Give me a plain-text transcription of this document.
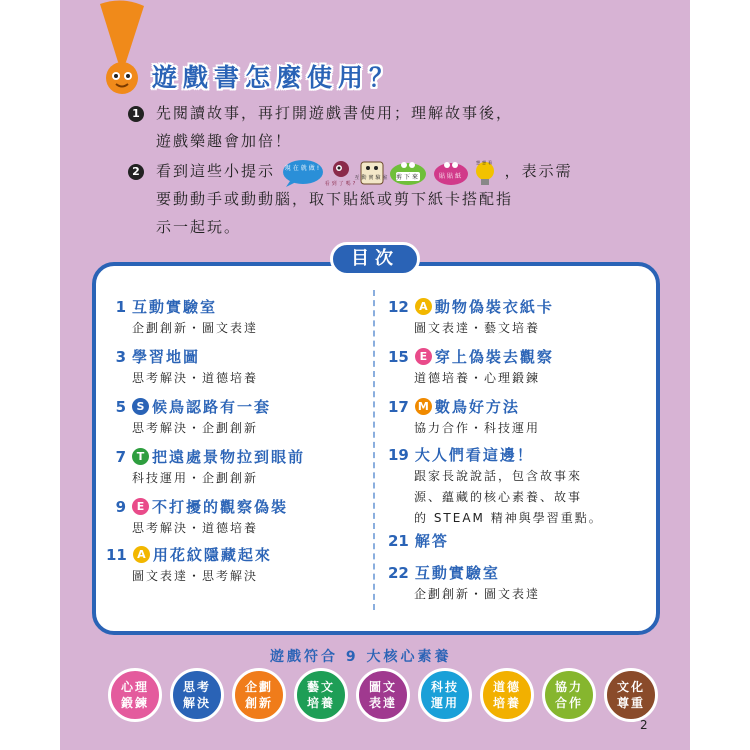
遊戲書怎麼使用？
1 先閱讀故事，再打開遊戲書使用；理解故事後，
遊戲樂趣會加倍！
2 看到這些小提示 現在就做!
看到了嗎?
互動實驗室 剪下來	貼貼紙
想想看 ，表示需
要動動手或動動腦，取下貼紙或剪下紙卡搭配指
示一起玩。
目次
1 互動實驗室
企劃創新・圖文表達
3 學習地圖
思考解決・道德培養
5 S 候鳥認路有一套
思考解決・企劃創新
7 T 把遠處景物拉到眼前
科技運用・企劃創新
9 E 不打擾的觀察偽裝
思考解決・道德培養
11 A 用花紋隱藏起來
圖文表達・思考解決
12 A 動物偽裝衣紙卡
圖文表達・藝文培養
15 E 穿上偽裝去觀察
道德培養・心理鍛鍊
17 M 數鳥好方法
協力合作・科技運用
19 大人們看這邊！
跟家長說說話，包含故事來
源、蘊藏的核心素養、故事
的 STEAM 精神與學習重點。
21 解答
22 互動實驗室
企劃創新・圖文表達
遊戲符合 9 大核心素養
心理
鍛鍊
思考
解決
企劃
創新
藝文
培養
圖文
表達
科技
運用
道德
培養
協力
合作
文化
尊重
2
